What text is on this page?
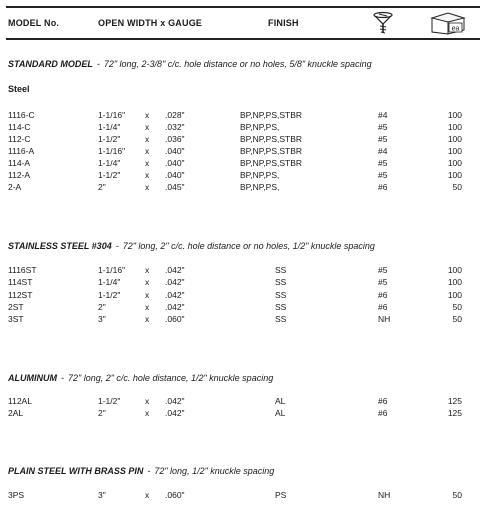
MODEL No.	OPEN WIDTH x GAUGE	FINISH
ea
STANDARD MODEL - 72" long, 2-3/8" c/c. hole distance or no holes, 5/8" knuckle spacing
Steel
1116-C	1-1/16" x .028"	BP,NP,PS,STBR	#4	100
114-C	1-1/4"	x .032"	BP,NP,PS,	#5	100
112-C	1-1/2"	x .036"	BP,NP,PS,STBR	#5	100
1116-A	1-1/16" x .040"	BP,NP,PS,STBR	#4	100
114-A	1-1/4"	x .040"	BP,NP,PS,STBR	#5	100
112-A	1-1/2"	x .040"	BP,NP,PS,	#5	100
2-A	2"	x .045"	BP,NP,PS,	#6	50
STAINLESS STEEL #304 - 72" long, 2" c/c. hole distance or no holes, 1/2" knuckle spacing
1116ST	1-1/16" x .042"	SS	#5	100
114ST	1-1/4"	x .042"	SS	#5	100
112ST	1-1/2"	x .042"	SS	#6	100
2ST	2"	x .042"	SS	#6	50
3ST	3"	x .060"	SS	NH	50
ALUMINUM - 72" long, 2" c/c. hole distance, 1/2" knuckle spacing
112AL	1-1/2"	x .042"	AL	#6	125
2AL	2"	x .042"	AL	#6	125
PLAIN STEEL WITH BRASS PIN - 72" long, 1/2" knuckle spacing
3PS	3"	x .060"	PS	NH	50
